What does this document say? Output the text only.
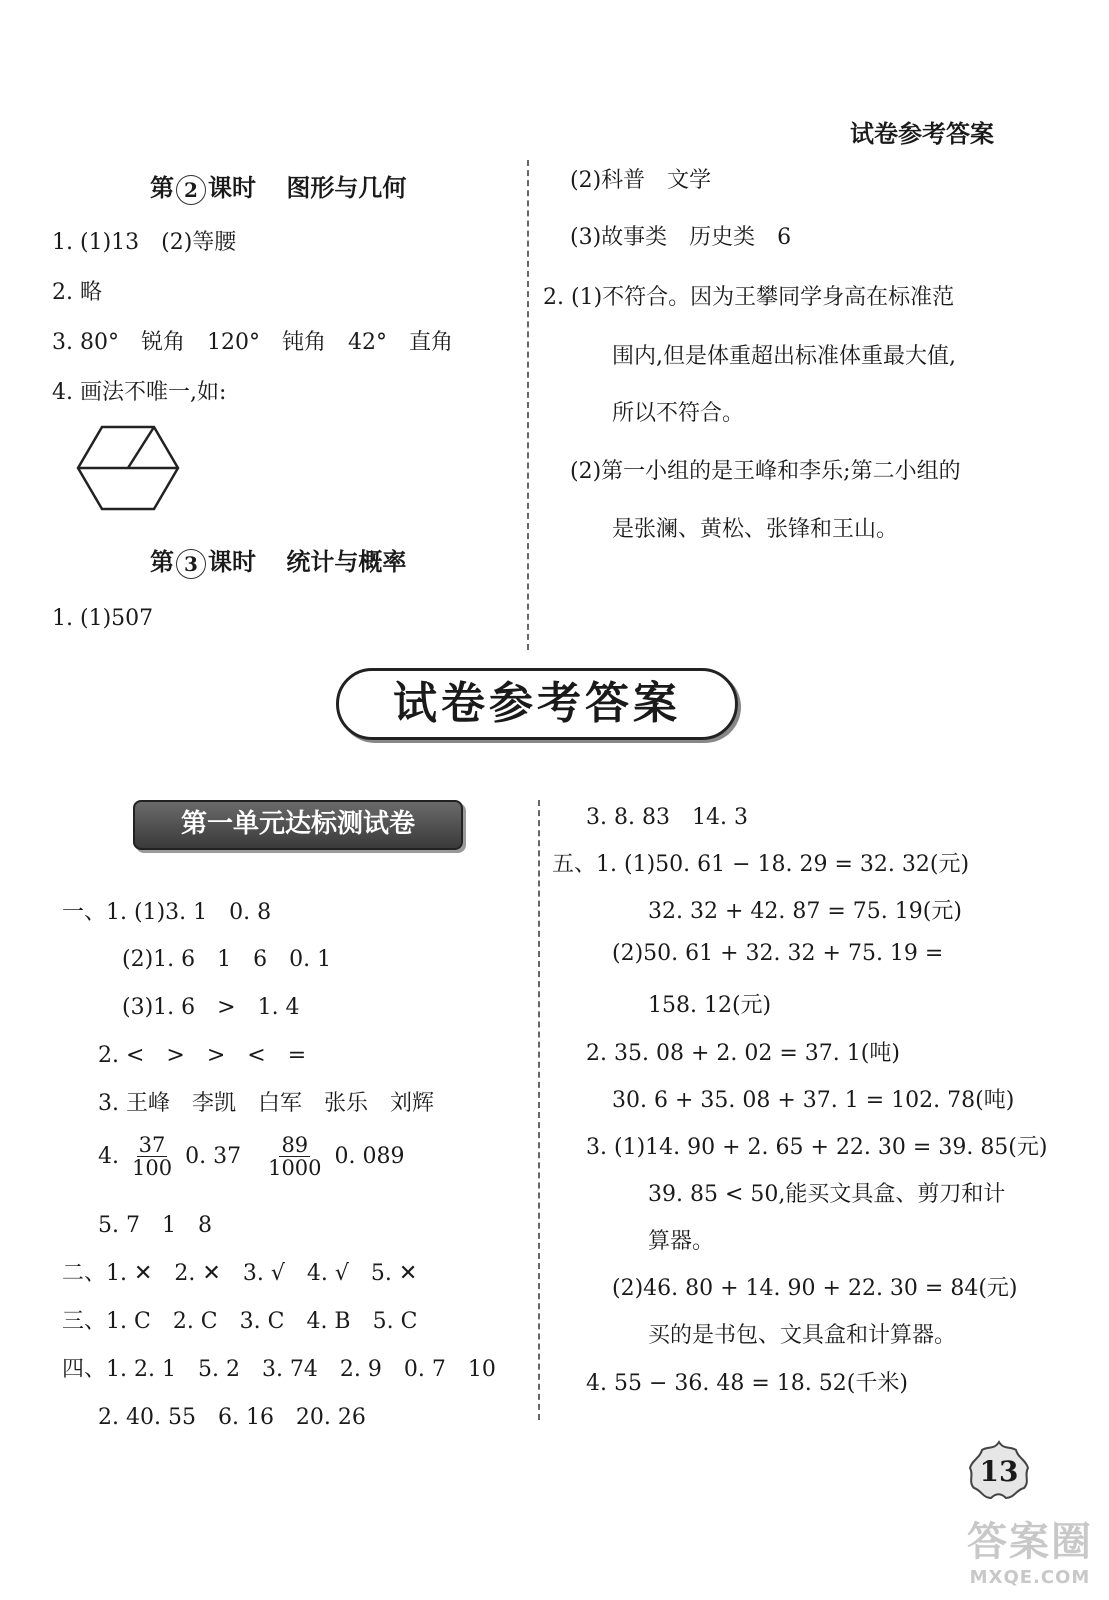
试卷参考答案
第 2 课时 图形与几何
1. (1)13　(2)等腰
2. 略
3. 80°　锐角　120°　钝角　42°　直角
4. 画法不唯一,如:
第 3 课时 统计与概率
1. (1)507
(2)科普　文学
(3)故事类　历史类　6
2. (1)不符合。因为王攀同学身高在标准范
围内,但是体重超出标准体重最大值,
所以不符合。
(2)第一小组的是王峰和李乐;第二小组的
是张澜、黄松、张锋和王山。
试卷参考答案
第一单元达标测试卷
一、1. (1)3. 1　0. 8
(2)1. 6　1　6　0. 1
(3)1. 6　>　1. 4
2. <　>　>　<　=
3. 王峰　李凯　白军　张乐　刘辉
4. $\frac{37}{100} 0$. $37 \frac{89}{1000} 0$. 089
5. 7　1　8
二、1. ✕　2. ✕　3. √　4. √　5. ✕
三、1. C　2. C　3. C　4. B　5. C
四、1. 2. 1　5. 2　3. 74　2. 9　0. 7　10
2. 40. 55　6. 16　20. 26
3. 8. 83　14. 3
五、1. (1)50. 61 − 18. 29 = 32. 32(元)
32. 32 + 42. 87 = 75. 19(元)
(2)50. 61 + 32. 32 + 75. 19 =
158. 12(元)
2. 35. 08 + 2. 02 = 37. 1(吨)
30. 6 + 35. 08 + 37. 1 = 102. 78(吨)
3. (1)14. 90 + 2. 65 + 22. 30 = 39. 85(元)
39. 85 < 50,能买文具盒、剪刀和计
算器。
(2)46. 80 + 14. 90 + 22. 30 = 84(元)
买的是书包、文具盒和计算器。
4. 55 − 36. 48 = 18. 52(千米)
13
答案圈
MXQE.COM
